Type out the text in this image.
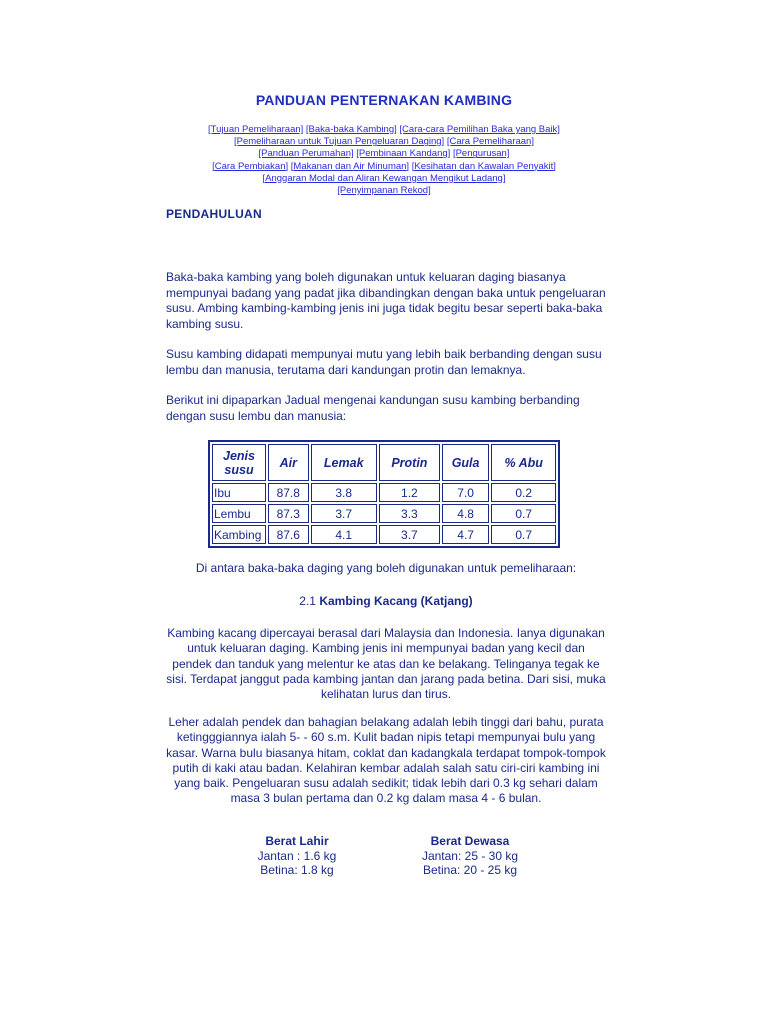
PANDUAN PENTERNAKAN KAMBING
[Tujuan Pemeliharaan] [Baka-baka Kambing] [Cara-cara Pemilihan Baka yang Baik]
[Pemeliharaan untuk Tujuan Pengeluaran Daging] [Cara Pemeliharaan]
[Panduan Perumahan] [Pembinaan Kandang] [Pengurusan]
[Cara Pembiakan] [Makanan dan Air Minuman] [Kesihatan dan Kawalan Penyakit]
[Anggaran Modal dan Aliran Kewangan Mengikut Ladang]
[Penyimpanan Rekod]
PENDAHULUAN
Baka-baka kambing yang boleh digunakan untuk keluaran daging biasanya mempunyai badang yang padat jika dibandingkan dengan baka untuk pengeluaran susu. Ambing kambing-kambing jenis ini juga tidak begitu besar seperti baka-baka kambing susu.
Susu kambing didapati mempunyai mutu yang lebih baik berbanding dengan susu lembu dan manusia, terutama dari kandungan protin dan lemaknya.
Berikut ini dipaparkan Jadual mengenai kandungan susu kambing berbanding dengan susu lembu dan manusia:
Jenis susu	Air	Lemak	Protin	Gula	% Abu
Ibu	87.8	3.8	1.2	7.0	0.2
Lembu	87.3	3.7	3.3	4.8	0.7
Kambing	87.6	4.1	3.7	4.7	0.7
Di antara baka-baka daging yang boleh digunakan untuk pemeliharaan:
2.1 Kambing Kacang (Katjang)
Kambing kacang dipercayai berasal dari Malaysia dan Indonesia. Ianya digunakan untuk keluaran daging. Kambing jenis ini mempunyai badan yang kecil dan pendek dan tanduk yang melentur ke atas dan ke belakang. Telinganya tegak ke sisi. Terdapat janggut pada kambing jantan dan jarang pada betina. Dari sisi, muka kelihatan lurus dan tirus.
Leher adalah pendek dan bahagian belakang adalah lebih tinggi dari bahu, purata ketingggiannya ialah 5- - 60 s.m. Kulit badan nipis tetapi mempunyai bulu yang kasar. Warna bulu biasanya hitam, coklat dan kadangkala terdapat tompok-tompok putih di kaki atau badan. Kelahiran kembar adalah salah satu ciri-ciri kambing ini yang baik. Pengeluaran susu adalah sedikit; tidak lebih dari 0.3 kg sehari dalam masa 3 bulan pertama dan 0.2 kg dalam masa 4 - 6 bulan.
Berat Lahir
Jantan : 1.6 kg
Betina: 1.8 kg
Berat Dewasa
Jantan: 25 - 30 kg
Betina: 20 - 25 kg
